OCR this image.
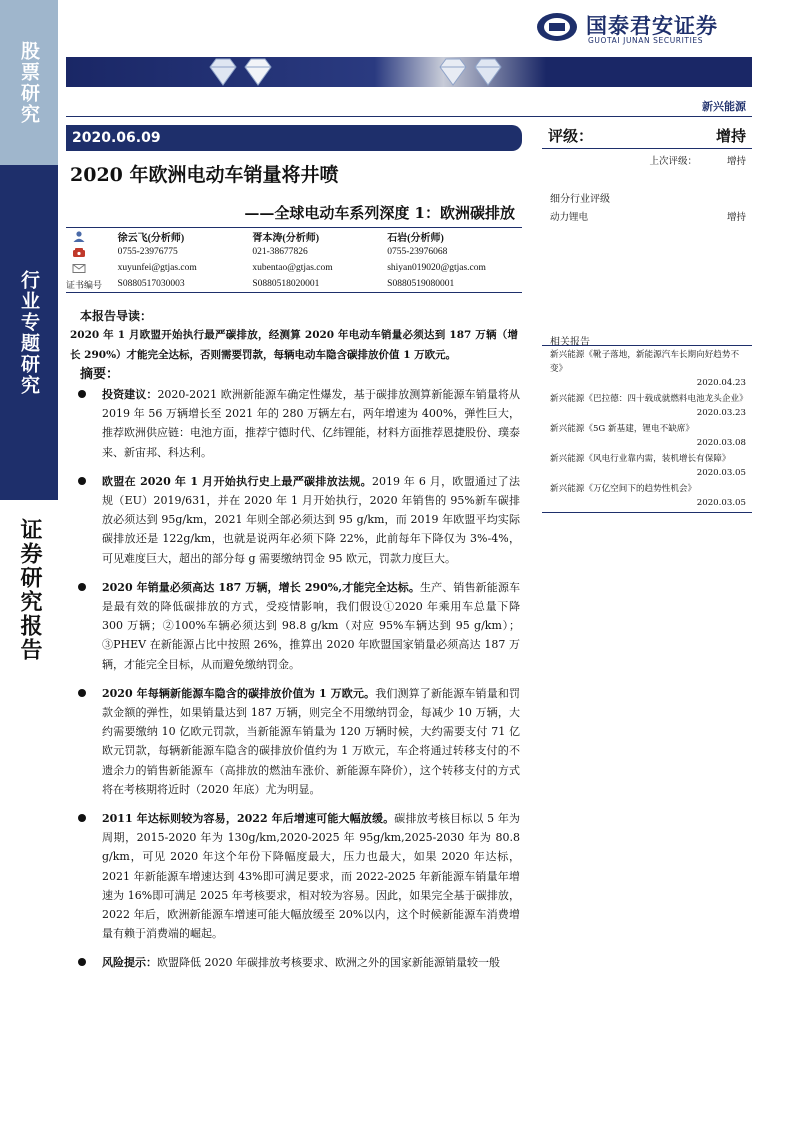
股票研究
行业专题研究
证券研究报告
国泰君安证券
GUOTAI JUNAN SECURITIES
新兴能源
2020.06.09
2020 年欧洲电动车销量将井喷
——全球电动车系列深度 1：欧洲碳排放
徐云飞(分析师)	胥本涛(分析师)	石岩(分析师)
0755-23976775	021-38677826	0755-23976068
xuyunfei@gtjas.com	xubentao@gtjas.com	shiyan019020@gtjas.com
证书编号	S0880517030003	S0880518020001	S0880519080001
本报告导读：
2020 年 1 月欧盟开始执行最严碳排放，经测算 2020 年电动车销量必须达到 187 万辆（增长 290%）才能完全达标，否则需要罚款，每辆电动车隐含碳排放价值 1 万欧元。
摘要：
投资建议：2020-2021 欧洲新能源车确定性爆发，基于碳排放测算新能源车销量将从 2019 年 56 万辆增长至 2021 年的 280 万辆左右，两年增速为 400%，弹性巨大，推荐欧洲供应链：电池方面，推荐宁德时代、亿纬锂能，材料方面推荐恩捷股份、璞泰来、新宙邦、科达利。
欧盟在 2020 年 1 月开始执行史上最严碳排放法规。2019 年 6 月，欧盟通过了法规（EU）2019/631，并在 2020 年 1 月开始执行，2020 年销售的 95%新车碳排放必须达到 95g/km，2021 年则全部必须达到 95 g/km，而 2019 年欧盟平均实际碳排放还是 122g/km，也就是说两年必须下降 22%，此前每年下降仅为 3%-4%，可见难度巨大，超出的部分每 g 需要缴纳罚金 95 欧元，罚款力度巨大。
2020 年销量必须高达 187 万辆，增长 290%,才能完全达标。生产、销售新能源车是最有效的降低碳排放的方式，受疫情影响，我们假设①2020 年乘用车总量下降 300 万辆；②100%车辆必须达到 98.8 g/km（对应 95%车辆达到 95 g/km）；③PHEV 在新能源占比中按照 26%，推算出 2020 年欧盟国家销量必须高达 187 万辆，才能完全目标，从而避免缴纳罚金。
2020 年每辆新能源车隐含的碳排放价值为 1 万欧元。我们测算了新能源车销量和罚款金额的弹性，如果销量达到 187 万辆，则完全不用缴纳罚金，每减少 10 万辆，大约需要缴纳 10 亿欧元罚款，当新能源车销量为 120 万辆时候，大约需要支付 71 亿欧元罚款，每辆新能源车隐含的碳排放价值约为 1 万欧元，车企将通过转移支付的不遗余力的销售新能源车（高排放的燃油车涨价、新能源车降价），这个转移支付的方式将在考核期将近时（2020 年底）尤为明显。
2011 年达标则较为容易，2022 年后增速可能大幅放缓。碳排放考核目标以 5 年为周期，2015-2020 年为 130g/km,2020-2025 年 95g/km,2025-2030 年为 80.8 g/km，可见 2020 年这个年份下降幅度最大，压力也最大，如果 2020 年达标，2021 年新能源车增速达到 43%即可满足要求，而 2022-2025 年新能源车销量年增速为 16%即可满足 2025 年考核要求，相对较为容易。因此，如果完全基于碳排放，2022 年后，欧洲新能源车增速可能大幅放缓至 20%以内，这个时候新能源车消费增量有赖于消费端的崛起。
风险提示：欧盟降低 2020 年碳排放考核要求、欧洲之外的国家新能源销量较一般
评级：	增持
上次评级：	增持
细分行业评级
动力锂电	增持
相关报告
新兴能源《靴子落地，新能源汽车长期向好趋势不变》
2020.04.23
新兴能源《巴拉德：四十载成就燃料电池龙头企业》
2020.03.23
新兴能源《5G 新基建，锂电不缺席》
2020.03.08
新兴能源《风电行业靠内需，装机增长有保障》
2020.03.05
新兴能源《万亿空间下的趋势性机会》
2020.03.05
